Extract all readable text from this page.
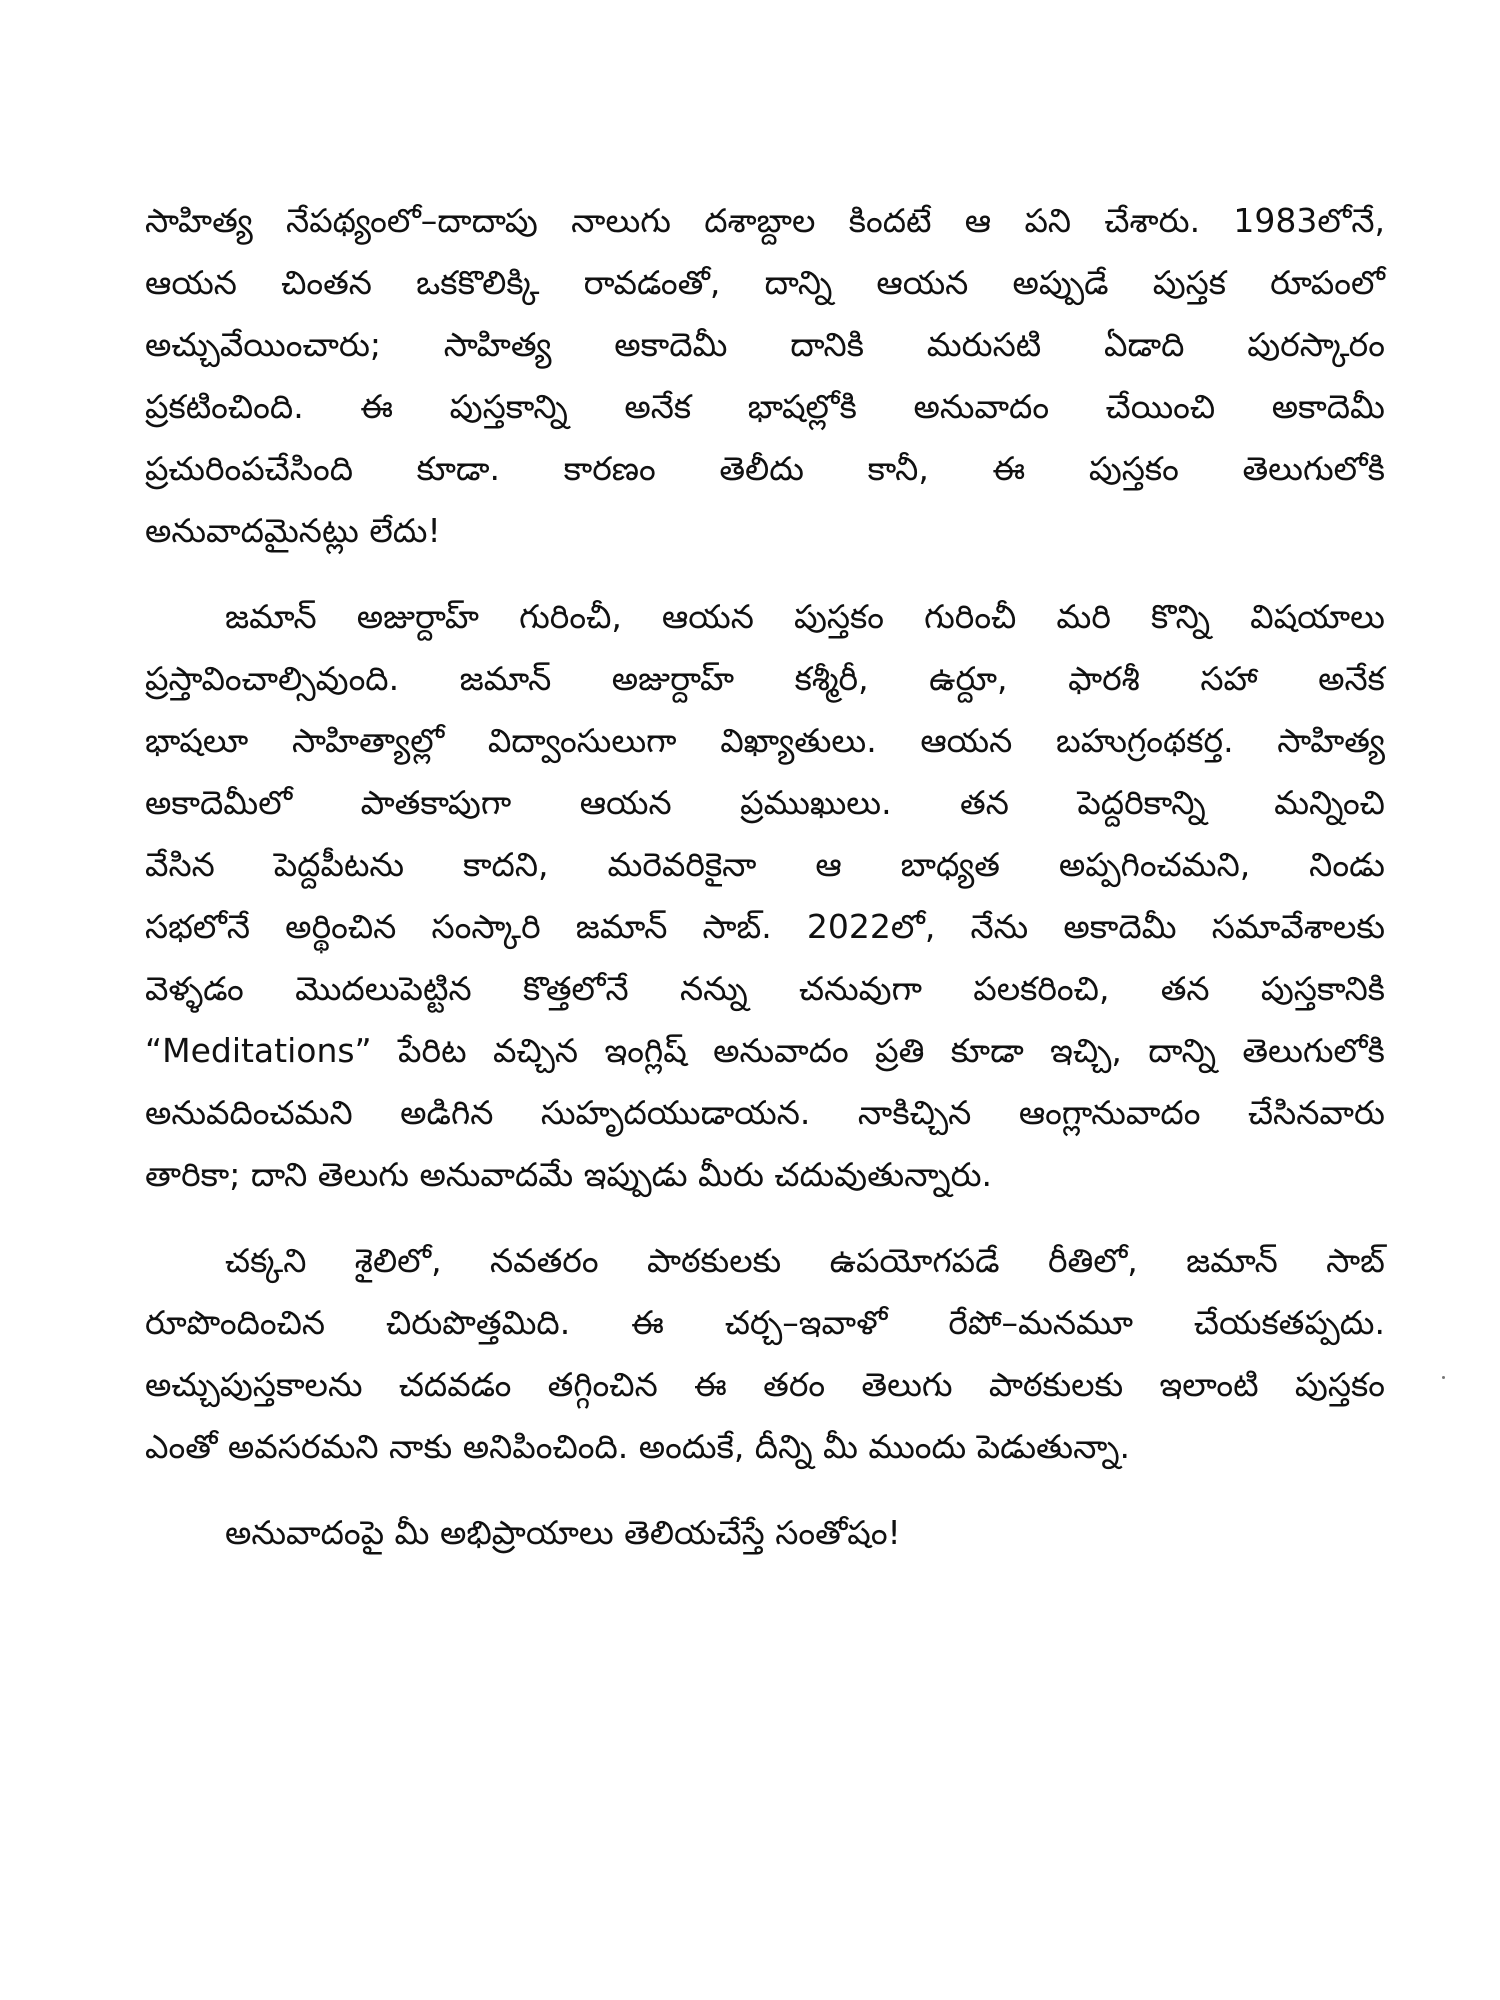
సాహిత్య నేపథ్యంలో–దాదాపు నాలుగు దశాబ్దాల కిందటే ఆ పని చేశారు. 1983లోనే,
ఆయన చింతన ఒకకొలిక్కి రావడంతో, దాన్ని ఆయన అప్పుడే పుస్తక రూపంలో
అచ్చువేయించారు; సాహిత్య అకాదెమీ దానికి మరుసటి ఏడాది పురస్కారం
ప్రకటించింది. ఈ పుస్తకాన్ని అనేక భాషల్లోకి అనువాదం చేయించి అకాదెమీ
ప్రచురింపచేసింది కూడా. కారణం తెలీదు కానీ, ఈ పుస్తకం తెలుగులోకి
అనువాదమైనట్లు లేదు!
జమాన్ అజుర్దాహ్ గురించీ, ఆయన పుస్తకం గురించీ మరి కొన్ని విషయాలు
ప్రస్తావించాల్సివుంది. జమాన్ అజుర్దాహ్ కశ్మీరీ, ఉర్దూ, ఫారశీ సహా అనేక
భాషలూ సాహిత్యాల్లో విద్వాంసులుగా విఖ్యాతులు. ఆయన బహుగ్రంథకర్త. సాహిత్య
అకాదెమీలో పాతకాపుగా ఆయన ప్రముఖులు. తన పెద్దరికాన్ని మన్నించి
వేసిన పెద్దపీటను కాదని, మరెవరికైనా ఆ బాధ్యత అప్పగించమని, నిండు
సభలోనే అర్థించిన సంస్కారి జమాన్ సాబ్. 2022లో, నేను అకాదెమీ సమావేశాలకు
వెళ్ళడం మొదలుపెట్టిన కొత్తలోనే నన్ను చనువుగా పలకరించి, తన పుస్తకానికి
“Meditations” పేరిట వచ్చిన ఇంగ్లిష్ అనువాదం ప్రతి కూడా ఇచ్చి, దాన్ని తెలుగులోకి
అనువదించమని అడిగిన సుహృదయుడాయన. నాకిచ్చిన ఆంగ్లానువాదం చేసినవారు
తారికా; దాని తెలుగు అనువాదమే ఇప్పుడు మీరు చదువుతున్నారు.
చక్కని శైలిలో, నవతరం పాఠకులకు ఉపయోగపడే రీతిలో, జమాన్ సాబ్
రూపొందించిన చిరుపొత్తమిది. ఈ చర్చ–ఇవాళో రేపో–మనమూ చేయకతప్పదు.
అచ్చుపుస్తకాలను చదవడం తగ్గించిన ఈ తరం తెలుగు పాఠకులకు ఇలాంటి పుస్తకం
ఎంతో అవసరమని నాకు అనిపించింది. అందుకే, దీన్ని మీ ముందు పెడుతున్నా.
అనువాదంపై మీ అభిప్రాయాలు తెలియచేస్తే సంతోషం!
